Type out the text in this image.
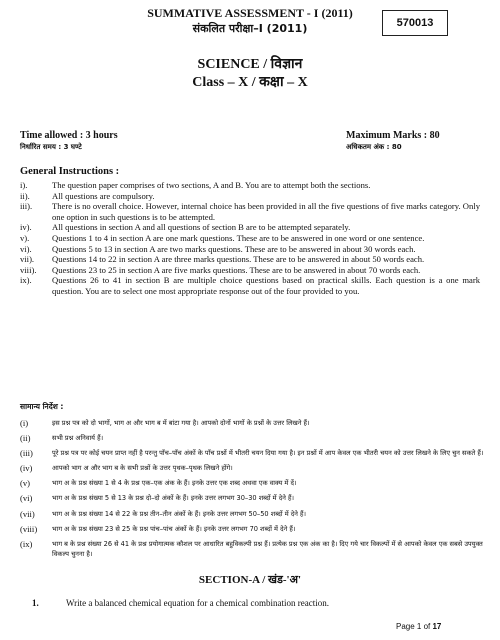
SUMMATIVE ASSESSMENT - I (2011)
संकलित परीक्षा–I (2011)	570013
SCIENCE / विज्ञान
Class – X / कक्षा – X
Time allowed : 3 hours
निर्धारित समय : 3 घण्टे
Maximum Marks : 80
अधिकतम अंक : 80
General Instructions :
i).	The question paper comprises of two sections, A and B. You are to attempt both the sections.
ii).	All questions are compulsory.
iii).	There is no overall choice. However, internal choice has been provided in all the five questions of five marks category. Only one option in such questions is to be attempted.
iv).	All questions in section A and all questions of section B are to be attempted separately.
v).	Questions 1 to 4 in section A are one mark questions. These are to be answered in one word or one sentence.
vi).	Questions 5 to 13 in section A are two marks questions. These are to be answered in about 30 words each.
vii).	Questions 14 to 22 in section A are three marks questions. These are to be answered in about 50 words each.
viii).	Questions 23 to 25 in section A are five marks questions. These are to be answered in about 70 words each.
ix).	Questions 26 to 41 in section B are multiple choice questions based on practical skills. Each question is a one mark question. You are to select one most appropriate response out of the four provided to you.
सामान्य निर्देश :
(i)	इस प्रश्न पत्र को दो भागों, भाग अ और भाग ब में बांटा गया है। आपको दोनों भागों के प्रश्नों के उत्तर लिखने हैं।
(ii)	सभी प्रश्न अनिवार्य हैं।
(iii)	पूरे प्रश्न पत्र पर कोई चयन प्राप्त नहीं है परन्तु पाँच–पाँच अंकों के पाँच प्रश्नों में भीतरी चयन दिया गया है। इन प्रश्नों में आप केवल एक भीतरी चयन को उत्तर लिखने के लिए चुन सकते हैं।
(iv)	आपको भाग अ और भाग ब के सभी प्रश्नों के उत्तर पृथक–पृथक लिखने होंगे।
(v)	भाग अ के प्रश्न संख्या 1 से 4 के प्रश्न एक–एक अंक के हैं। इनके उत्तर एक शब्द अथवा एक वाक्य में दें।
(vi)	भाग अ के प्रश्न संख्या 5 से 13 के प्रश्न दो–दो अंकों के हैं। इनके उत्तर लगभग 30–30 शब्दों में देने हैं।
(vii)	भाग अ के प्रश्न संख्या 14 से 22 के प्रश्न तीन–तीन अंकों के हैं। इनके उत्तर लगभग 50–50 शब्दों में देने हैं।
(viii)	भाग अ के प्रश्न संख्या 23 से 25 के प्रश्न पांच–पांच अंकों के हैं। इनके उत्तर लगभग 70 शब्दों में देने हैं।
(ix)	भाग ब के प्रश्न संख्या 26 से 41 के प्रश्न प्रयोगात्मक कौशल पर आधारित बहुविकल्पी प्रश्न हैं। प्रत्येक प्रश्न एक अंक का है। दिए गये चार विकल्पों में से आपको केवल एक सबसे उपयुक्त विकल्प चुनना है।
SECTION-A / खंड-'अ'
1.	Write a balanced chemical equation for a chemical combination reaction.
Page 1 of 17
